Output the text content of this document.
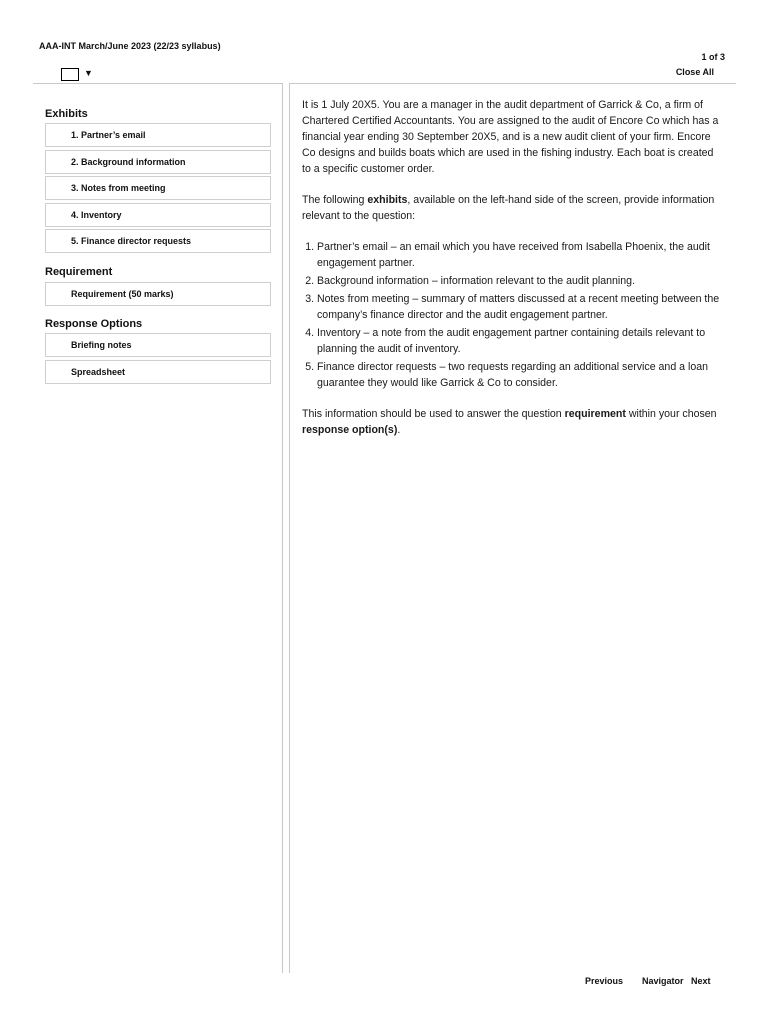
AAA-INT March/June 2023 (22/23 syllabus)
1 of 3
▼	Close All
Exhibits
1. Partner’s email
2. Background information
3. Notes from meeting
4. Inventory
5. Finance director requests
Requirement
Requirement (50 marks)
Response Options
Briefing notes
Spreadsheet

It is 1 July 20X5. You are a manager in the audit department of Garrick & Co, a firm of Chartered Certified Accountants. You are assigned to the audit of Encore Co which has a financial year ending 30 September 20X5, and is a new audit client of your firm. Encore Co designs and builds boats which are used in the fishing industry. Each boat is created to a specific customer order.

The following exhibits, available on the left-hand side of the screen, provide information relevant to the question:

1. Partner’s email – an email which you have received from Isabella Phoenix, the audit engagement partner.
2. Background information – information relevant to the audit planning.
3. Notes from meeting – summary of matters discussed at a recent meeting between the company’s finance director and the audit engagement partner.
4. Inventory – a note from the audit engagement partner containing details relevant to planning the audit of inventory.
5. Finance director requests – two requests regarding an additional service and a loan guarantee they would like Garrick & Co to consider.

This information should be used to answer the question requirement within your chosen response option(s).

Previous Navigator Next
